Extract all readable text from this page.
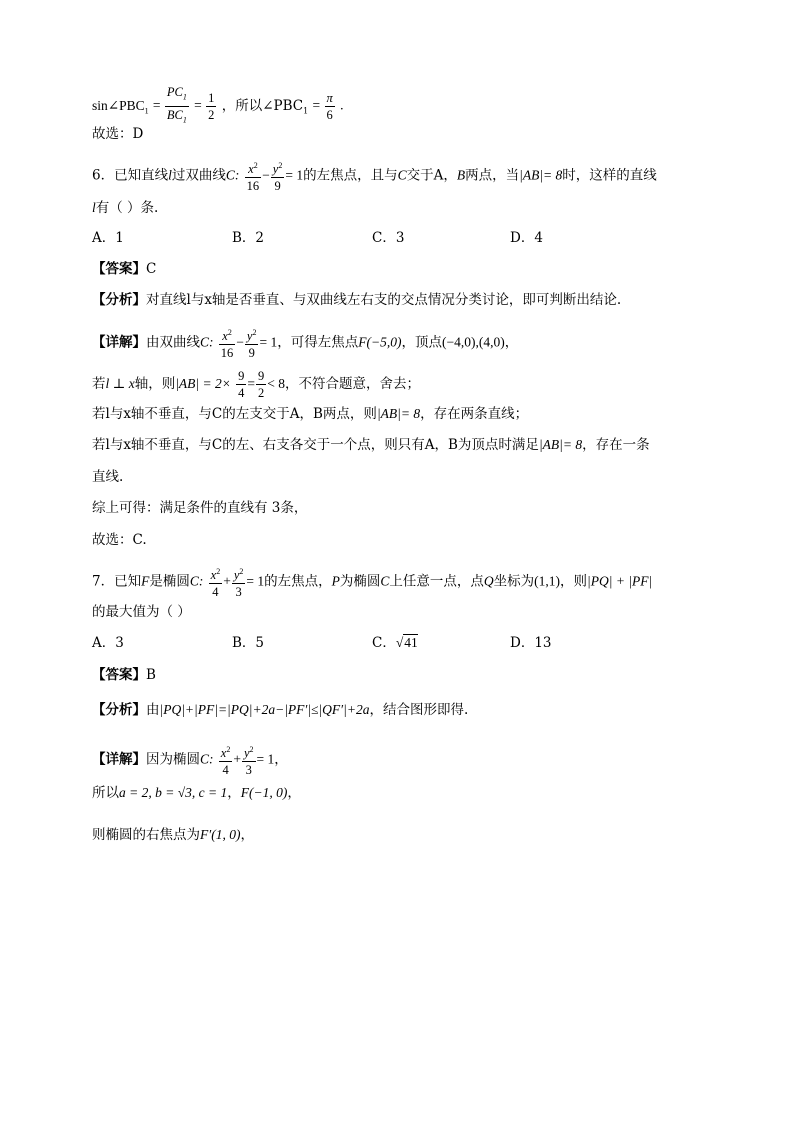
$\sin\angle PBC_1 = \frac{PC_1}{BC_1} = \frac{1}{2}$ ，所以$\angle PBC_1 = \frac{\pi}{6}$ .
故选：D
6．已知直线l过双曲线C: $\frac{x^2}{16} - \frac{y^2}{9} = 1$的左焦点，且与C交于A，B两点，当|AB|= 8时，这样的直线
l有（ ）条.
A．1	B．2	C．3	D．4
【答案】C
【分析】对直线l与x轴是否垂直、与双曲线左右支的交点情况分类讨论，即可判断出结论.
【详解】由双曲线C: $\frac{x^2}{16} - \frac{y^2}{9} = 1$，可得左焦点F(−5,0)，顶点(−4,0),(4,0)，
若l ⊥ x轴，则$|AB| = 2\times \frac{9}{4} = \frac{9}{2} < 8$，不符合题意，舍去；
若l与x轴不垂直，与C的左支交于A，B两点，则|AB|= 8，存在两条直线；
若l与x轴不垂直，与C的左、右支各交于一个点，则只有A，B为顶点时满足|AB|= 8，存在一条
直线.
综上可得：满足条件的直线有 3条，
故选：C.
7．已知F是椭圆C: $\frac{x^2}{4} + \frac{y^2}{3} = 1$的左焦点，P为椭圆C上任意一点，点Q坐标为(1,1)，则|PQ| + |PF|
的最大值为（ ）
A．3	B．5	C．√41	D．13
【答案】B
【分析】由|PQ|+|PF|=|PQ|+2a−|PF′|≤|QF′|+2a，结合图形即得.
【详解】因为椭圆C: $\frac{x^2}{4} + \frac{y^2}{3} = 1$，
所以a = 2, b = √3, c = 1，F(−1, 0)，
则椭圆的右焦点为F′(1, 0)，
